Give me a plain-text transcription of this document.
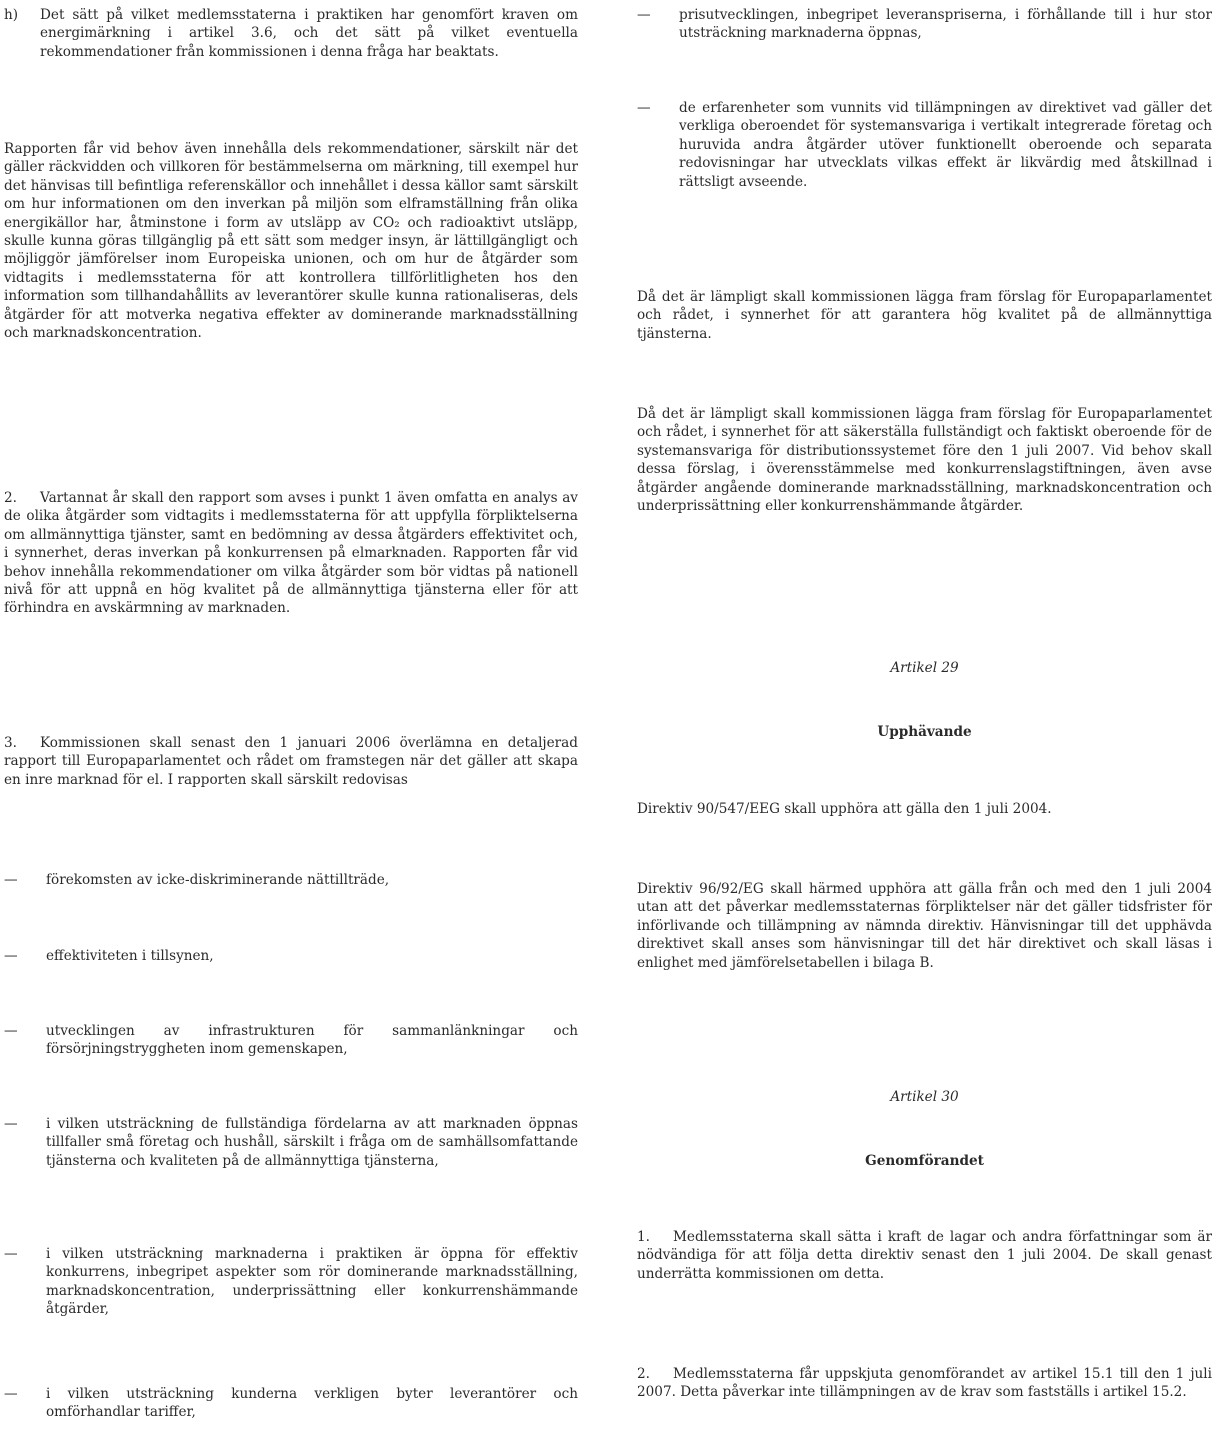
h)	Det sätt på vilket medlemsstaterna i praktiken har genomfört kraven om energimärkning i artikel 3.6, och det sätt på vilket eventuella rekommendationer från kommissionen i denna fråga har beaktats.

Rapporten får vid behov även innehålla dels rekommendationer, särskilt när det gäller räckvidden och villkoren för bestämmelserna om märkning, till exempel hur det hänvisas till befintliga referenskällor och innehållet i dessa källor samt särskilt om hur informationen om den inverkan på miljön som elframställning från olika energikällor har, åtminstone i form av utsläpp av CO₂ och radioaktivt utsläpp, skulle kunna göras tillgänglig på ett sätt som medger insyn, är lättillgängligt och möjliggör jämförelser inom Europeiska unionen, och om hur de åtgärder som vidtagits i medlemsstaterna för att kontrollera tillförlitligheten hos den information som tillhandahållits av leverantörer skulle kunna rationaliseras, dels åtgärder för att motverka negativa effekter av dominerande marknadsställning och marknadskoncentration.

2. Vartannat år skall den rapport som avses i punkt 1 även omfatta en analys av de olika åtgärder som vidtagits i medlemsstaterna för att uppfylla förpliktelserna om allmännyttiga tjänster, samt en bedömning av dessa åtgärders effektivitet och, i synnerhet, deras inverkan på konkurrensen på elmarknaden. Rapporten får vid behov innehålla rekommendationer om vilka åtgärder som bör vidtas på nationell nivå för att uppnå en hög kvalitet på de allmännyttiga tjänsterna eller för att förhindra en avskärmning av marknaden.

3. Kommissionen skall senast den 1 januari 2006 överlämna en detaljerad rapport till Europaparlamentet och rådet om framstegen när det gäller att skapa en inre marknad för el. I rapporten skall särskilt redovisas

—	förekomsten av icke-diskriminerande nättillträde,
—	effektiviteten i tillsynen,
—	utvecklingen av infrastrukturen för sammanlänkningar och försörjningstryggheten inom gemenskapen,
—	i vilken utsträckning de fullständiga fördelarna av att marknaden öppnas tillfaller små företag och hushåll, särskilt i fråga om de samhällsomfattande tjänsterna och kvaliteten på de allmännyttiga tjänsterna,
—	i vilken utsträckning marknaderna i praktiken är öppna för effektiv konkurrens, inbegripet aspekter som rör dominerande marknadsställning, marknadskoncentration, underprissättning eller konkurrenshämmande åtgärder,
—	i vilken utsträckning kunderna verkligen byter leverantörer och omförhandlar tariffer,
—	prisutvecklingen, inbegripet leveranspriserna, i förhållande till i hur stor utsträckning marknaderna öppnas,
—	de erfarenheter som vunnits vid tillämpningen av direktivet vad gäller det verkliga oberoendet för systemansvariga i vertikalt integrerade företag och huruvida andra åtgärder utöver funktionellt oberoende och separata redovisningar har utvecklats vilkas effekt är likvärdig med åtskillnad i rättsligt avseende.

Då det är lämpligt skall kommissionen lägga fram förslag för Europaparlamentet och rådet, i synnerhet för att garantera hög kvalitet på de allmännyttiga tjänsterna.

Då det är lämpligt skall kommissionen lägga fram förslag för Europaparlamentet och rådet, i synnerhet för att säkerställa fullständigt och faktiskt oberoende för de systemansvariga för distributionssystemet före den 1 juli 2007. Vid behov skall dessa förslag, i överensstämmelse med konkurrenslagstiftningen, även avse åtgärder angående dominerande marknadsställning, marknadskoncentration och underprissättning eller konkurrenshämmande åtgärder.

Artikel 29
Upphävande

Direktiv 90/547/EEG skall upphöra att gälla den 1 juli 2004.

Direktiv 96/92/EG skall härmed upphöra att gälla från och med den 1 juli 2004 utan att det påverkar medlemsstaternas förpliktelser när det gäller tidsfrister för införlivande och tillämpning av nämnda direktiv. Hänvisningar till det upphävda direktivet skall anses som hänvisningar till det här direktivet och skall läsas i enlighet med jämförelsetabellen i bilaga B.

Artikel 30
Genomförandet

1. Medlemsstaterna skall sätta i kraft de lagar och andra författningar som är nödvändiga för att följa detta direktiv senast den 1 juli 2004. De skall genast underrätta kommissionen om detta.

2. Medlemsstaterna får uppskjuta genomförandet av artikel 15.1 till den 1 juli 2007. Detta påverkar inte tillämpningen av de krav som fastställs i artikel 15.2.
